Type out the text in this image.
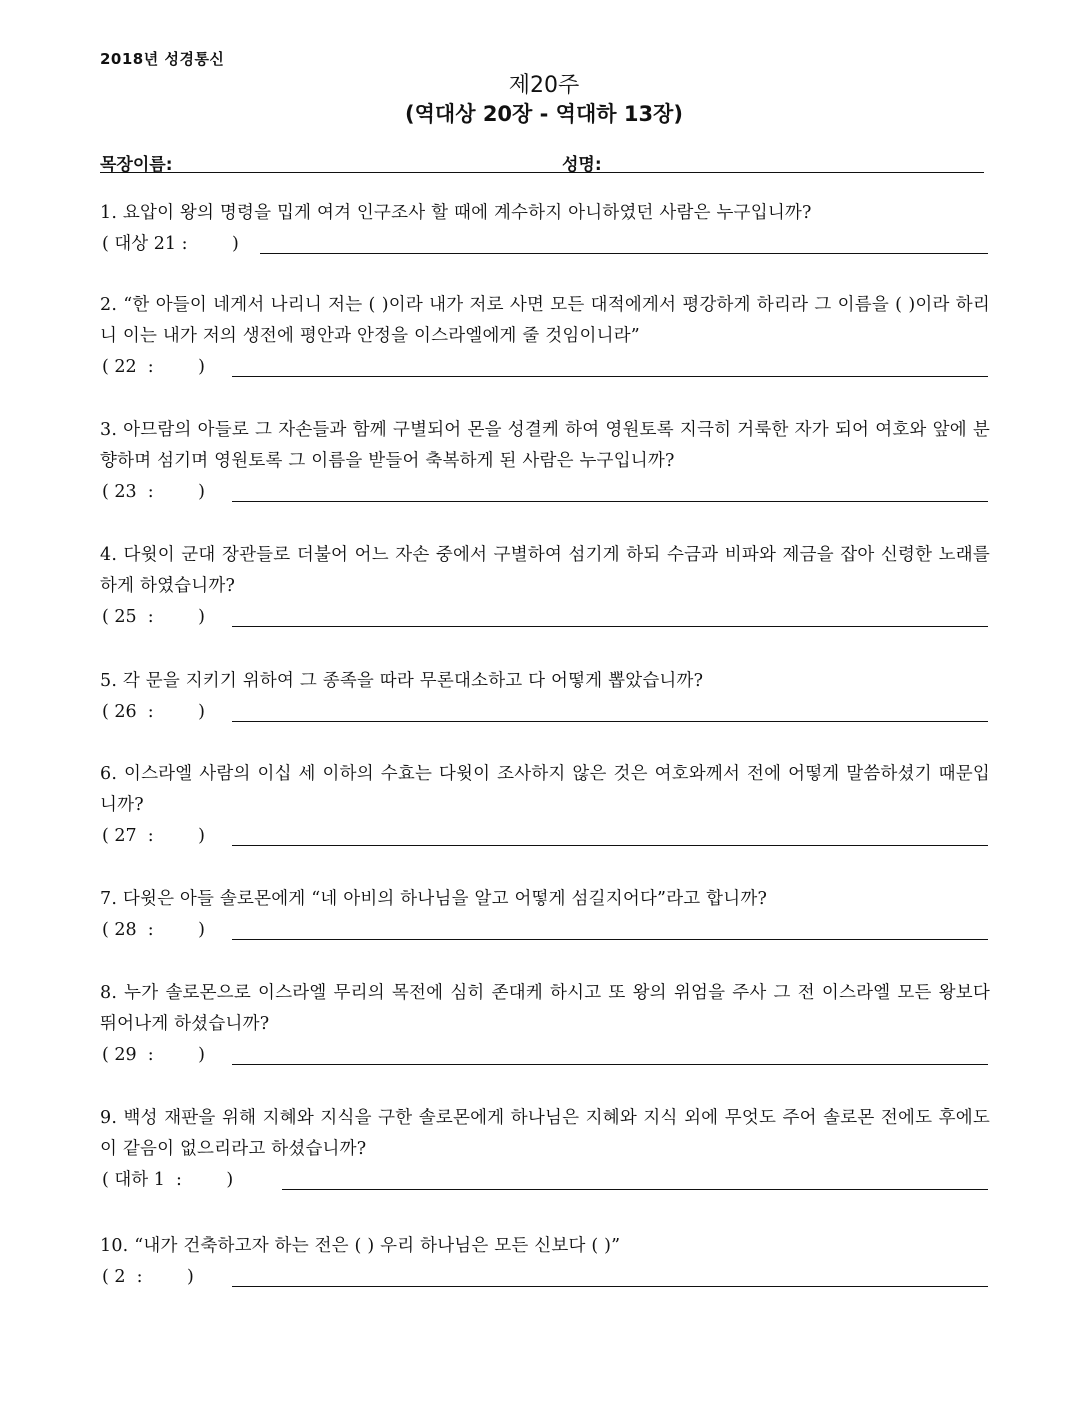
2018년 성경통신
제20주
(역대상 20장 - 역대하 13장)
목장이름:	성명:
1. 요압이 왕의 명령을 밉게 여겨 인구조사 할 때에 계수하지 아니하였던 사람은 누구입니까?
( 대상 21 :        )
2. “한 아들이 네게서 나리니 저는 ( )이라 내가 저로 사면 모든 대적에게서 평강하게 하리라 그 이름을 ( )이라 하리니 이는 내가 저의 생전에 평안과 안정을 이스라엘에게 줄 것임이니라”
( 22  :        )
3. 아므람의 아들로 그 자손들과 함께 구별되어 몬을 성결케 하여 영원토록 지극히 거룩한 자가 되어 여호와 앞에 분향하며 섬기며 영원토록 그 이름을 받들어 축복하게 된 사람은 누구입니까?
( 23  :        )
4. 다윗이 군대 장관들로 더불어 어느 자손 중에서 구별하여 섬기게 하되 수금과 비파와 제금을 잡아 신령한 노래를 하게 하였습니까?
( 25  :        )
5. 각 문을 지키기 위하여 그 종족을 따라 무론대소하고 다 어떻게 뽑았습니까?
( 26  :        )
6. 이스라엘 사람의 이십 세 이하의 수효는 다윗이 조사하지 않은 것은 여호와께서 전에 어떻게 말씀하셨기 때문입니까?
( 27  :        )
7. 다윗은 아들 솔로몬에게 “네 아비의 하나님을 알고 어떻게 섬길지어다”라고 합니까?
( 28  :        )
8. 누가 솔로몬으로 이스라엘 무리의 목전에 심히 존대케 하시고 또 왕의 위엄을 주사 그 전 이스라엘 모든 왕보다 뛰어나게 하셨습니까?
( 29  :        )
9. 백성 재판을 위해 지혜와 지식을 구한 솔로몬에게 하나님은 지혜와 지식 외에 무엇도 주어 솔로몬 전에도 후에도 이 같음이 없으리라고 하셨습니까?
( 대하 1  :        )
10. “내가 건축하고자 하는 전은 ( ) 우리 하나님은 모든 신보다 ( )”
( 2  :        )
